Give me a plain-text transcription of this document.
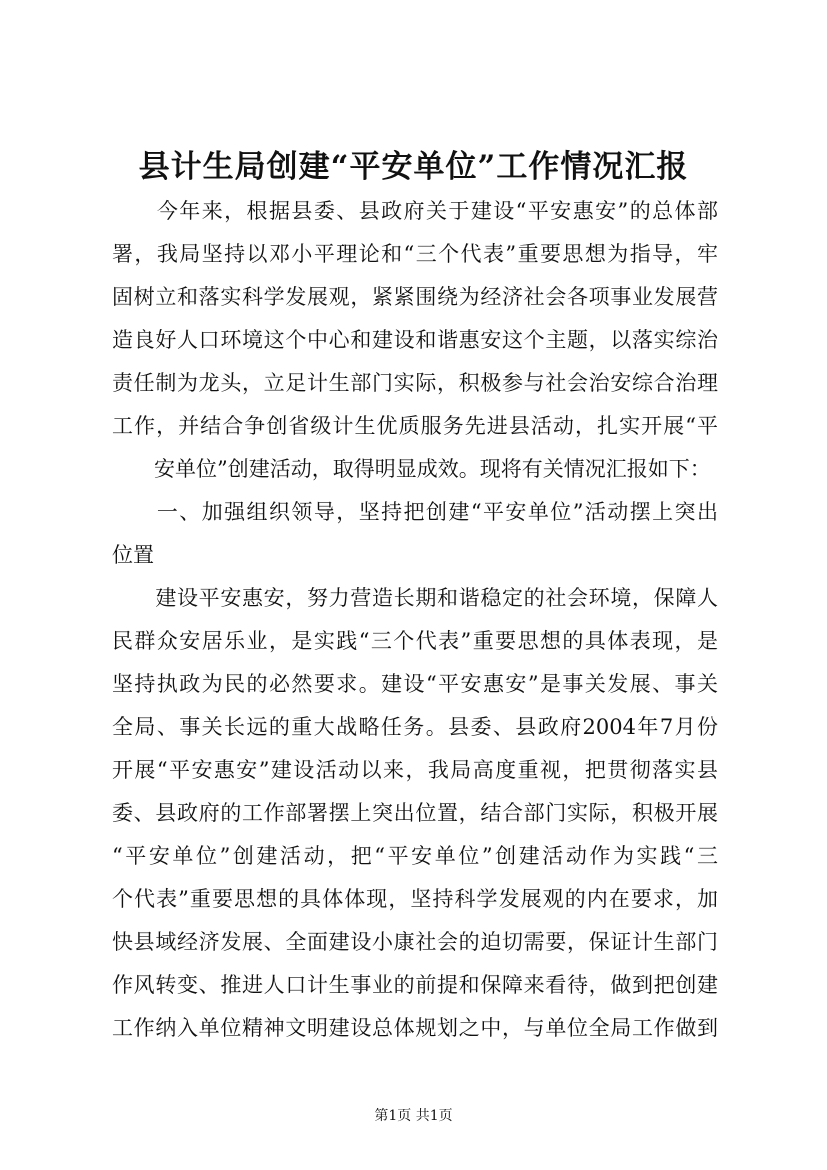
县计生局创建“平安单位”工作情况汇报
　　今年来，根据县委、县政府关于建设“平安惠安”的总体部
署，我局坚持以邓小平理论和“三个代表”重要思想为指导，牢
固树立和落实科学发展观，紧紧围绕为经济社会各项事业发展营
造良好人口环境这个中心和建设和谐惠安这个主题，以落实综治
责任制为龙头，立足计生部门实际，积极参与社会治安综合治理
工作，并结合争创省级计生优质服务先进县活动，扎实开展“平
　　安单位”创建活动，取得明显成效。现将有关情况汇报如下：
　　一、加强组织领导，坚持把创建“平安单位”活动摆上突出
位置
　　建设平安惠安，努力营造长期和谐稳定的社会环境，保障人
民群众安居乐业，是实践“三个代表”重要思想的具体表现，是
坚持执政为民的必然要求。建设“平安惠安”是事关发展、事关
全局、事关长远的重大战略任务。县委、县政府2004年7月份
开展“平安惠安”建设活动以来，我局高度重视，把贯彻落实县
委、县政府的工作部署摆上突出位置，结合部门实际，积极开展
“平安单位”创建活动，把“平安单位”创建活动作为实践“三
个代表”重要思想的具体体现，坚持科学发展观的内在要求，加
快县域经济发展、全面建设小康社会的迫切需要，保证计生部门
作风转变、推进人口计生事业的前提和保障来看待，做到把创建
工作纳入单位精神文明建设总体规划之中，与单位全局工作做到
第1页 共1页
